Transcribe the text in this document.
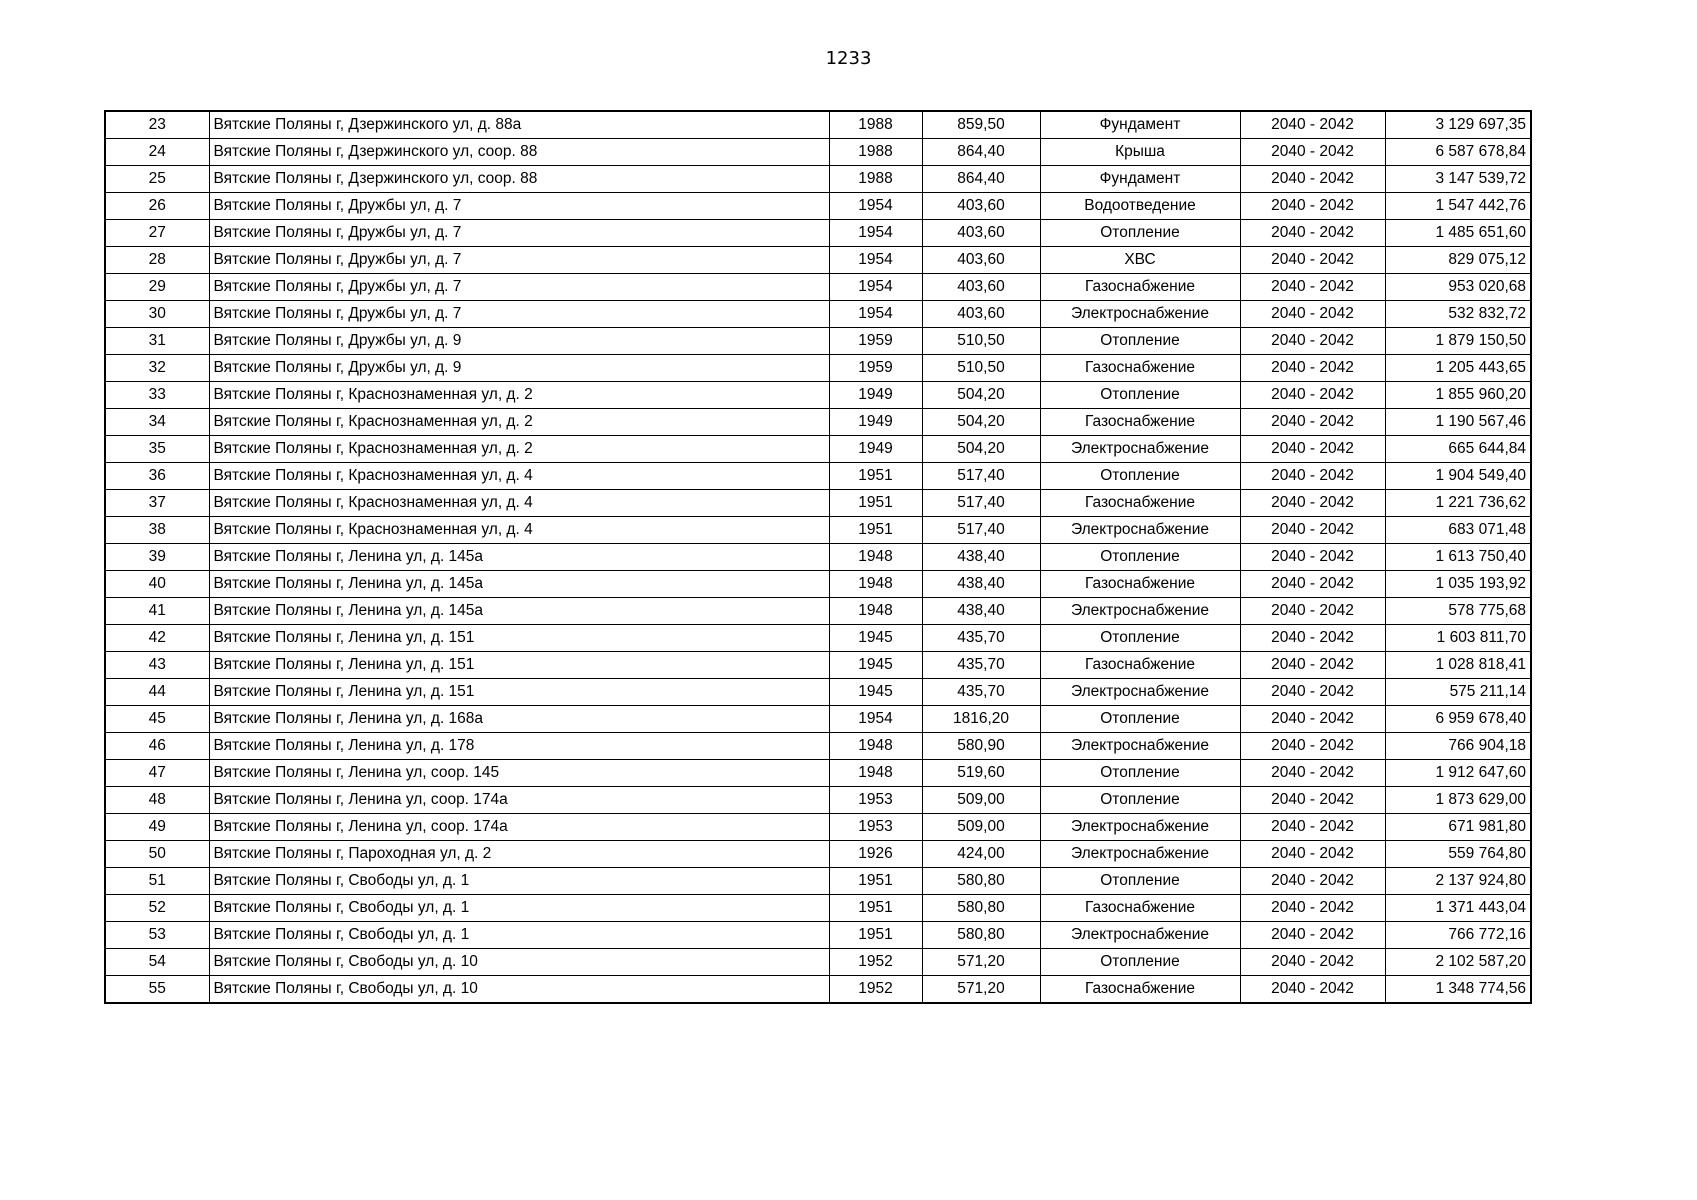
1233
23	Вятские Поляны г, Дзержинского ул, д. 88а	1988	859,50	Фундамент	2040 - 2042	3 129 697,35
24	Вятские Поляны г, Дзержинского ул, соор. 88	1988	864,40	Крыша	2040 - 2042	6 587 678,84
25	Вятские Поляны г, Дзержинского ул, соор. 88	1988	864,40	Фундамент	2040 - 2042	3 147 539,72
26	Вятские Поляны г, Дружбы ул, д. 7	1954	403,60	Водоотведение	2040 - 2042	1 547 442,76
27	Вятские Поляны г, Дружбы ул, д. 7	1954	403,60	Отопление	2040 - 2042	1 485 651,60
28	Вятские Поляны г, Дружбы ул, д. 7	1954	403,60	ХВС	2040 - 2042	829 075,12
29	Вятские Поляны г, Дружбы ул, д. 7	1954	403,60	Газоснабжение	2040 - 2042	953 020,68
30	Вятские Поляны г, Дружбы ул, д. 7	1954	403,60	Электроснабжение	2040 - 2042	532 832,72
31	Вятские Поляны г, Дружбы ул, д. 9	1959	510,50	Отопление	2040 - 2042	1 879 150,50
32	Вятские Поляны г, Дружбы ул, д. 9	1959	510,50	Газоснабжение	2040 - 2042	1 205 443,65
33	Вятские Поляны г, Краснознаменная ул, д. 2	1949	504,20	Отопление	2040 - 2042	1 855 960,20
34	Вятские Поляны г, Краснознаменная ул, д. 2	1949	504,20	Газоснабжение	2040 - 2042	1 190 567,46
35	Вятские Поляны г, Краснознаменная ул, д. 2	1949	504,20	Электроснабжение	2040 - 2042	665 644,84
36	Вятские Поляны г, Краснознаменная ул, д. 4	1951	517,40	Отопление	2040 - 2042	1 904 549,40
37	Вятские Поляны г, Краснознаменная ул, д. 4	1951	517,40	Газоснабжение	2040 - 2042	1 221 736,62
38	Вятские Поляны г, Краснознаменная ул, д. 4	1951	517,40	Электроснабжение	2040 - 2042	683 071,48
39	Вятские Поляны г, Ленина ул, д. 145а	1948	438,40	Отопление	2040 - 2042	1 613 750,40
40	Вятские Поляны г, Ленина ул, д. 145а	1948	438,40	Газоснабжение	2040 - 2042	1 035 193,92
41	Вятские Поляны г, Ленина ул, д. 145а	1948	438,40	Электроснабжение	2040 - 2042	578 775,68
42	Вятские Поляны г, Ленина ул, д. 151	1945	435,70	Отопление	2040 - 2042	1 603 811,70
43	Вятские Поляны г, Ленина ул, д. 151	1945	435,70	Газоснабжение	2040 - 2042	1 028 818,41
44	Вятские Поляны г, Ленина ул, д. 151	1945	435,70	Электроснабжение	2040 - 2042	575 211,14
45	Вятские Поляны г, Ленина ул, д. 168а	1954	1816,20	Отопление	2040 - 2042	6 959 678,40
46	Вятские Поляны г, Ленина ул, д. 178	1948	580,90	Электроснабжение	2040 - 2042	766 904,18
47	Вятские Поляны г, Ленина ул, соор. 145	1948	519,60	Отопление	2040 - 2042	1 912 647,60
48	Вятские Поляны г, Ленина ул, соор. 174а	1953	509,00	Отопление	2040 - 2042	1 873 629,00
49	Вятские Поляны г, Ленина ул, соор. 174а	1953	509,00	Электроснабжение	2040 - 2042	671 981,80
50	Вятские Поляны г, Пароходная ул, д. 2	1926	424,00	Электроснабжение	2040 - 2042	559 764,80
51	Вятские Поляны г, Свободы ул, д. 1	1951	580,80	Отопление	2040 - 2042	2 137 924,80
52	Вятские Поляны г, Свободы ул, д. 1	1951	580,80	Газоснабжение	2040 - 2042	1 371 443,04
53	Вятские Поляны г, Свободы ул, д. 1	1951	580,80	Электроснабжение	2040 - 2042	766 772,16
54	Вятские Поляны г, Свободы ул, д. 10	1952	571,20	Отопление	2040 - 2042	2 102 587,20
55	Вятские Поляны г, Свободы ул, д. 10	1952	571,20	Газоснабжение	2040 - 2042	1 348 774,56
